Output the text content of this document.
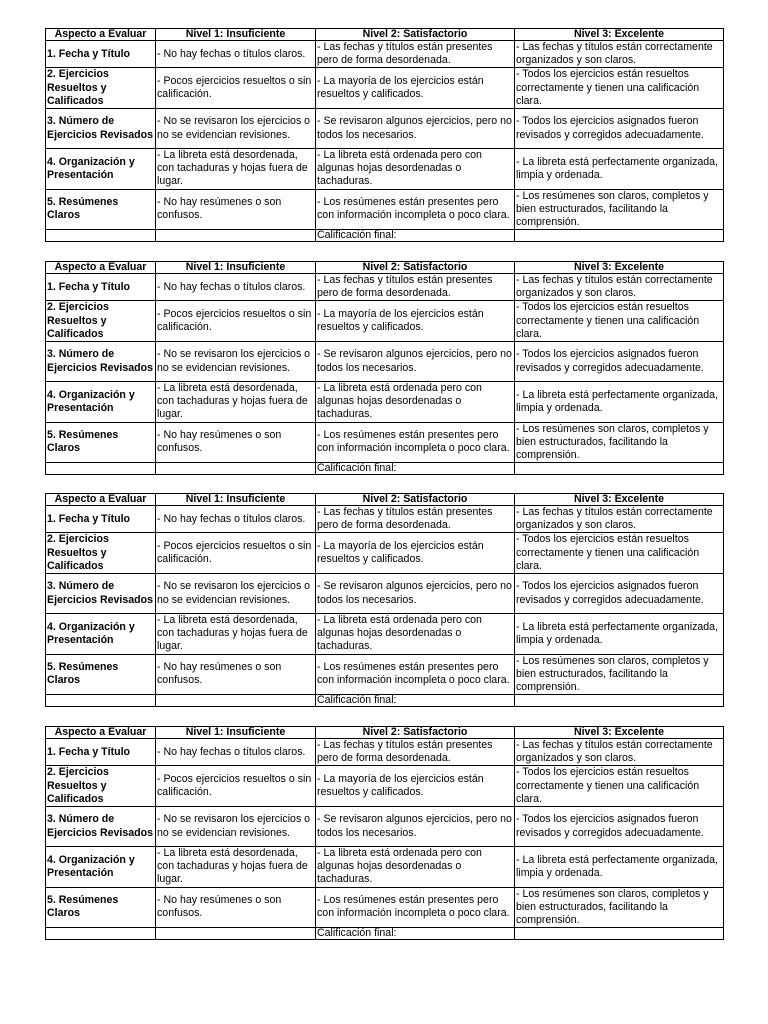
Aspecto a Evaluar	Nivel 1: Insuficiente	Nivel 2: Satisfactorio	Nivel 3: Excelente
1. Fecha y Título	- No hay fechas o títulos claros.	- Las fechas y títulos están presentes pero de forma desordenada.	- Las fechas y títulos están correctamente organizados y son claros.
2. Ejercicios Resueltos y Calificados	- Pocos ejercicios resueltos o sin calificación.	- La mayoría de los ejercicios están resueltos y calificados.	- Todos los ejercicios están resueltos correctamente y tienen una calificación clara.
3. Número de Ejercicios Revisados	- No se revisaron los ejercicios o no se evidencian revisiones.	- Se revisaron algunos ejercicios, pero no todos los necesarios.	- Todos los ejercicios asignados fueron revisados y corregidos adecuadamente.
4. Organización y Presentación	- La libreta está desordenada, con tachaduras y hojas fuera de lugar.	- La libreta está ordenada pero con algunas hojas desordenadas o tachaduras.	- La libreta está perfectamente organizada, limpia y ordenada.
5. Resúmenes Claros	- No hay resúmenes o son confusos.	- Los resúmenes están presentes pero con información incompleta o poco clara.	- Los resúmenes son claros, completos y bien estructurados, facilitando la comprensión.
		Calificación final:	
Aspecto a Evaluar	Nivel 1: Insuficiente	Nivel 2: Satisfactorio	Nivel 3: Excelente
1. Fecha y Título	- No hay fechas o títulos claros.	- Las fechas y títulos están presentes pero de forma desordenada.	- Las fechas y títulos están correctamente organizados y son claros.
2. Ejercicios Resueltos y Calificados	- Pocos ejercicios resueltos o sin calificación.	- La mayoría de los ejercicios están resueltos y calificados.	- Todos los ejercicios están resueltos correctamente y tienen una calificación clara.
3. Número de Ejercicios Revisados	- No se revisaron los ejercicios o no se evidencian revisiones.	- Se revisaron algunos ejercicios, pero no todos los necesarios.	- Todos los ejercicios asignados fueron revisados y corregidos adecuadamente.
4. Organización y Presentación	- La libreta está desordenada, con tachaduras y hojas fuera de lugar.	- La libreta está ordenada pero con algunas hojas desordenadas o tachaduras.	- La libreta está perfectamente organizada, limpia y ordenada.
5. Resúmenes Claros	- No hay resúmenes o son confusos.	- Los resúmenes están presentes pero con información incompleta o poco clara.	- Los resúmenes son claros, completos y bien estructurados, facilitando la comprensión.
		Calificación final:	
Aspecto a Evaluar	Nivel 1: Insuficiente	Nivel 2: Satisfactorio	Nivel 3: Excelente
1. Fecha y Título	- No hay fechas o títulos claros.	- Las fechas y títulos están presentes pero de forma desordenada.	- Las fechas y títulos están correctamente organizados y son claros.
2. Ejercicios Resueltos y Calificados	- Pocos ejercicios resueltos o sin calificación.	- La mayoría de los ejercicios están resueltos y calificados.	- Todos los ejercicios están resueltos correctamente y tienen una calificación clara.
3. Número de Ejercicios Revisados	- No se revisaron los ejercicios o no se evidencian revisiones.	- Se revisaron algunos ejercicios, pero no todos los necesarios.	- Todos los ejercicios asignados fueron revisados y corregidos adecuadamente.
4. Organización y Presentación	- La libreta está desordenada, con tachaduras y hojas fuera de lugar.	- La libreta está ordenada pero con algunas hojas desordenadas o tachaduras.	- La libreta está perfectamente organizada, limpia y ordenada.
5. Resúmenes Claros	- No hay resúmenes o son confusos.	- Los resúmenes están presentes pero con información incompleta o poco clara.	- Los resúmenes son claros, completos y bien estructurados, facilitando la comprensión.
		Calificación final:	
Aspecto a Evaluar	Nivel 1: Insuficiente	Nivel 2: Satisfactorio	Nivel 3: Excelente
1. Fecha y Título	- No hay fechas o títulos claros.	- Las fechas y títulos están presentes pero de forma desordenada.	- Las fechas y títulos están correctamente organizados y son claros.
2. Ejercicios Resueltos y Calificados	- Pocos ejercicios resueltos o sin calificación.	- La mayoría de los ejercicios están resueltos y calificados.	- Todos los ejercicios están resueltos correctamente y tienen una calificación clara.
3. Número de Ejercicios Revisados	- No se revisaron los ejercicios o no se evidencian revisiones.	- Se revisaron algunos ejercicios, pero no todos los necesarios.	- Todos los ejercicios asignados fueron revisados y corregidos adecuadamente.
4. Organización y Presentación	- La libreta está desordenada, con tachaduras y hojas fuera de lugar.	- La libreta está ordenada pero con algunas hojas desordenadas o tachaduras.	- La libreta está perfectamente organizada, limpia y ordenada.
5. Resúmenes Claros	- No hay resúmenes o son confusos.	- Los resúmenes están presentes pero con información incompleta o poco clara.	- Los resúmenes son claros, completos y bien estructurados, facilitando la comprensión.
		Calificación final:	
